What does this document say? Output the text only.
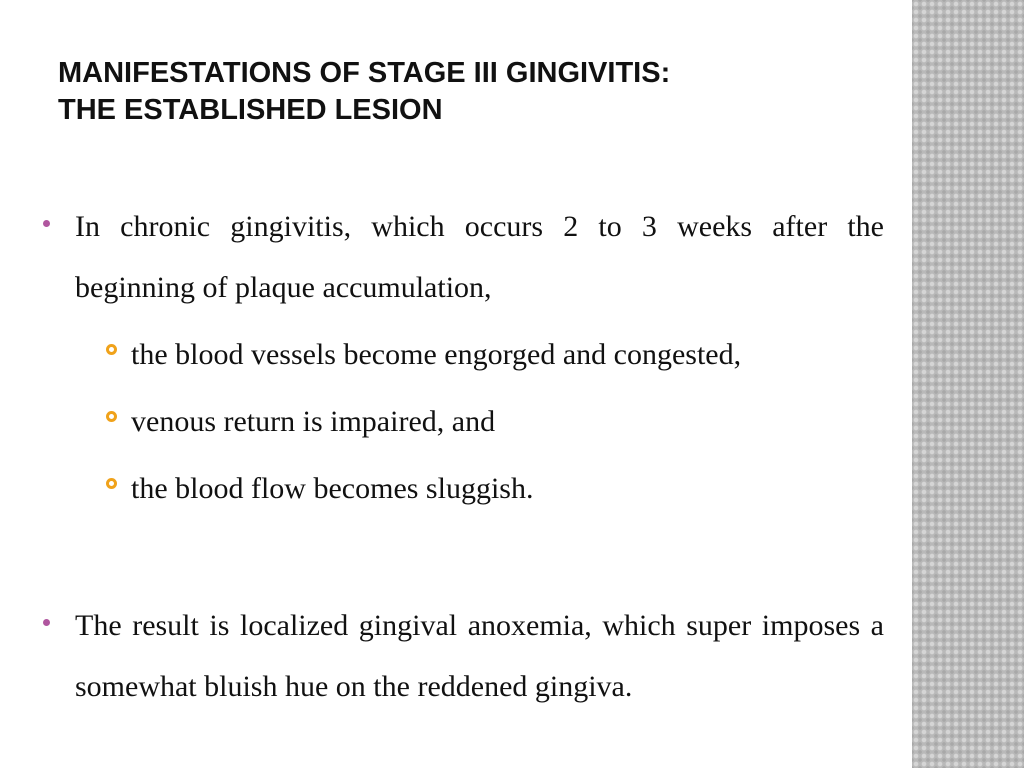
MANIFESTATIONS OF STAGE III GINGIVITIS:
THE ESTABLISHED LESION
In chronic gingivitis, which occurs 2 to 3 weeks after the beginning of plaque accumulation,
the blood vessels become engorged and congested,
venous return is impaired, and
the blood flow becomes sluggish.
The result is localized gingival anoxemia, which super imposes a somewhat bluish hue on the reddened gingiva.
